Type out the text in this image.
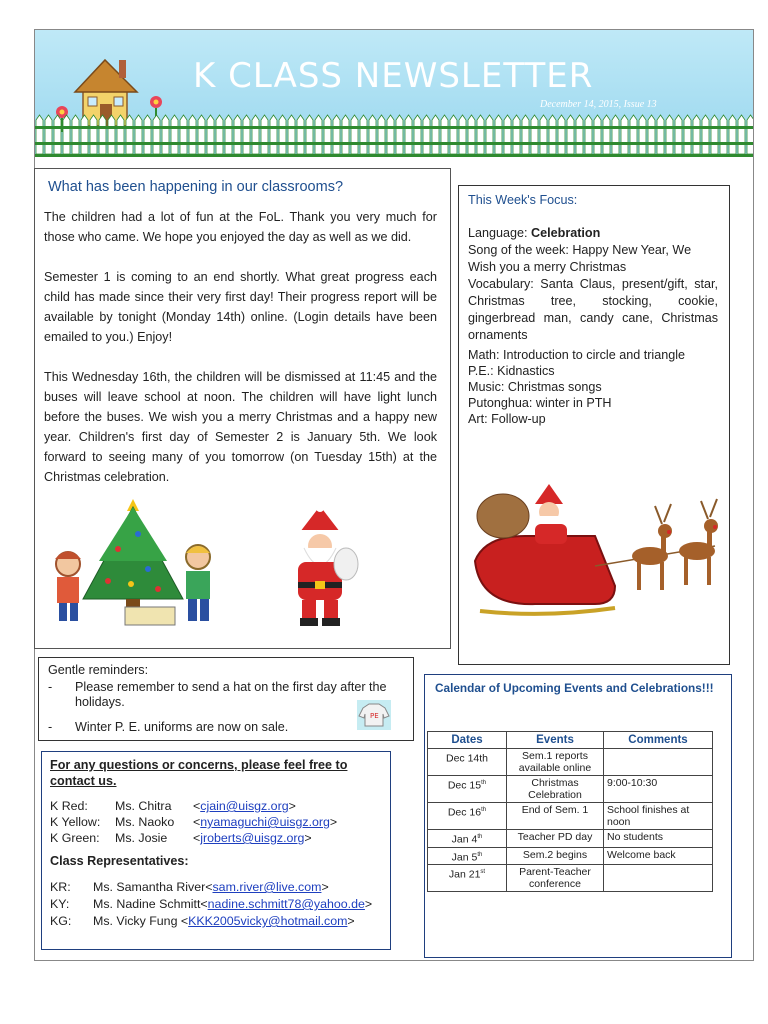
K CLASS NEWSLETTER
December 14, 2015, Issue 13
What has been happening in our classrooms?

The children had a lot of fun at the FoL. Thank you very much for those who came. We hope you enjoyed the day as well as we did.

Semester 1 is coming to an end shortly. What great progress each child has made since their very first day! Their progress report will be available by tonight (Monday 14th) online. (Login details have been emailed to you.) Enjoy!

This Wednesday 16th, the children will be dismissed at 11:45 and the buses will leave school at noon. The children will have light lunch before the buses. We wish you a merry Christmas and a happy new year. Children's first day of Semester 2 is January 5th. We look forward to seeing many of you tomorrow (on Tuesday 15th) at the Christmas celebration.

This Week's Focus:

Language: Celebration

Song of the week: Happy New Year, We Wish you a merry Christmas

Vocabulary: Santa Claus, present/gift, star, Christmas tree, stocking, cookie, gingerbread man, candy cane, Christmas ornaments

Math: Introduction to circle and triangle

P.E.: Kidnastics

Music: Christmas songs

Putonghua: winter in PTH

Art: Follow-up

Gentle reminders:
- Please remember to send a hat on the first day after the holidays.
- Winter P. E. uniforms are now on sale.
PE
For any questions or concerns, please feel free to contact us.
K Red: Ms. Chitra <cjain@uisgz.org>
K Yellow: Ms. Naoko <nyamaguchi@uisgz.org>
K Green: Ms. Josie <jroberts@uisgz.org>
Class Representatives:
KR: Ms. Samantha River<sam.river@live.com>
KY: Ms. Nadine Schmitt<nadine.schmitt78@yahoo.de>
KG: Ms. Vicky Fung <KKK2005vicky@hotmail.com>
Calendar of Upcoming Events and Celebrations!!!
Dates	Events	Comments
Dec 14th	Sem.1 reports available online	
Dec 15th	Christmas Celebration	9:00-10:30
Dec 16th	End of Sem. 1	School finishes at noon
Jan 4th	Teacher PD day	No students
Jan 5th	Sem.2 begins	Welcome back
Jan 21st	Parent-Teacher conference	
